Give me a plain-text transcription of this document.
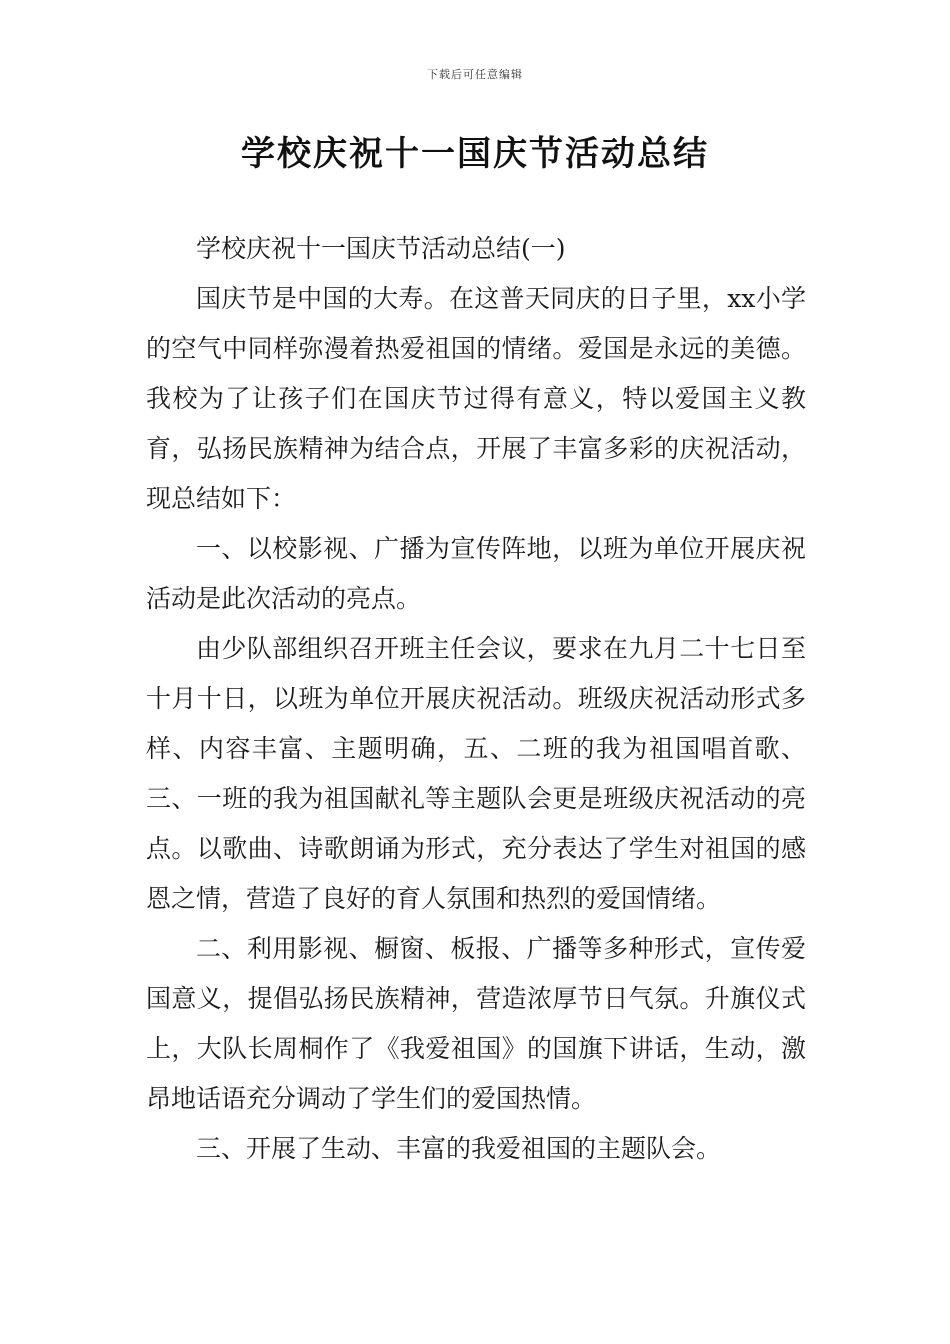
下载后可任意编辑
学校庆祝十一国庆节活动总结

学校庆祝十一国庆节活动总结(一)

国庆节是中国的大寿。在这普天同庆的日子里，xx小学的空气中同样弥漫着热爱祖国的情绪。爱国是永远的美德。我校为了让孩子们在国庆节过得有意义，特以爱国主义教育，弘扬民族精神为结合点，开展了丰富多彩的庆祝活动，现总结如下：

一、以校影视、广播为宣传阵地，以班为单位开展庆祝活动是此次活动的亮点。

由少队部组织召开班主任会议，要求在九月二十七日至十月十日，以班为单位开展庆祝活动。班级庆祝活动形式多样、内容丰富、主题明确，五、二班的我为祖国唱首歌、三、一班的我为祖国献礼等主题队会更是班级庆祝活动的亮点。以歌曲、诗歌朗诵为形式，充分表达了学生对祖国的感恩之情，营造了良好的育人氛围和热烈的爱国情绪。

二、利用影视、橱窗、板报、广播等多种形式，宣传爱国意义，提倡弘扬民族精神，营造浓厚节日气氛。升旗仪式上，大队长周桐作了《我爱祖国》的国旗下讲话，生动，激昂地话语充分调动了学生们的爱国热情。

三、开展了生动、丰富的我爱祖国的主题队会。
